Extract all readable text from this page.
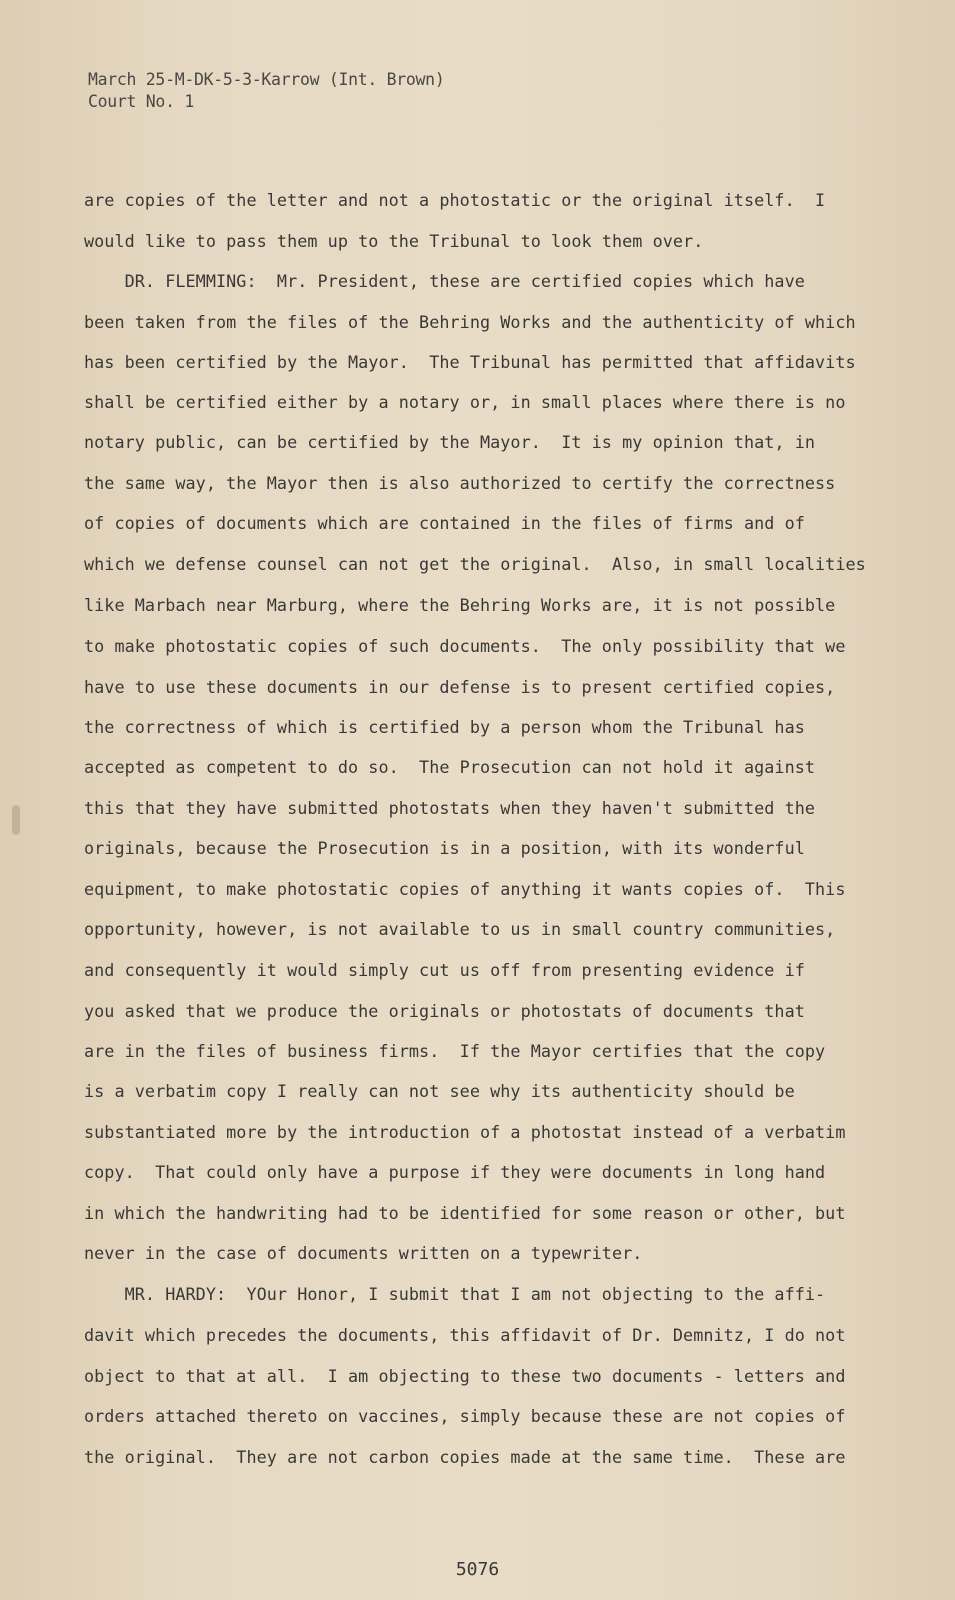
March 25-M-DK-5-3-Karrow (Int. Brown)
Court No. 1
are copies of the letter and not a photostatic or the original itself.  I
would like to pass them up to the Tribunal to look them over.
DR. FLEMMING:  Mr. President, these are certified copies which have
been taken from the files of the Behring Works and the authenticity of which
has been certified by the Mayor.  The Tribunal has permitted that affidavits
shall be certified either by a notary or, in small places where there is no
notary public, can be certified by the Mayor.  It is my opinion that, in
the same way, the Mayor then is also authorized to certify the correctness
of copies of documents which are contained in the files of firms and of
which we defense counsel can not get the original.  Also, in small localities
like Marbach near Marburg, where the Behring Works are, it is not possible
to make photostatic copies of such documents.  The only possibility that we
have to use these documents in our defense is to present certified copies,
the correctness of which is certified by a person whom the Tribunal has
accepted as competent to do so.  The Prosecution can not hold it against
this that they have submitted photostats when they haven't submitted the
originals, because the Prosecution is in a position, with its wonderful
equipment, to make photostatic copies of anything it wants copies of.  This
opportunity, however, is not available to us in small country communities,
and consequently it would simply cut us off from presenting evidence if
you asked that we produce the originals or photostats of documents that
are in the files of business firms.  If the Mayor certifies that the copy
is a verbatim copy I really can not see why its authenticity should be
substantiated more by the introduction of a photostat instead of a verbatim
copy.  That could only have a purpose if they were documents in long hand
in which the handwriting had to be identified for some reason or other, but
never in the case of documents written on a typewriter.
MR. HARDY:  YOur Honor, I submit that I am not objecting to the affi-
davit which precedes the documents, this affidavit of Dr. Demnitz, I do not
object to that at all.  I am objecting to these two documents - letters and
orders attached thereto on vaccines, simply because these are not copies of
the original.  They are not carbon copies made at the same time.  These are
5076
